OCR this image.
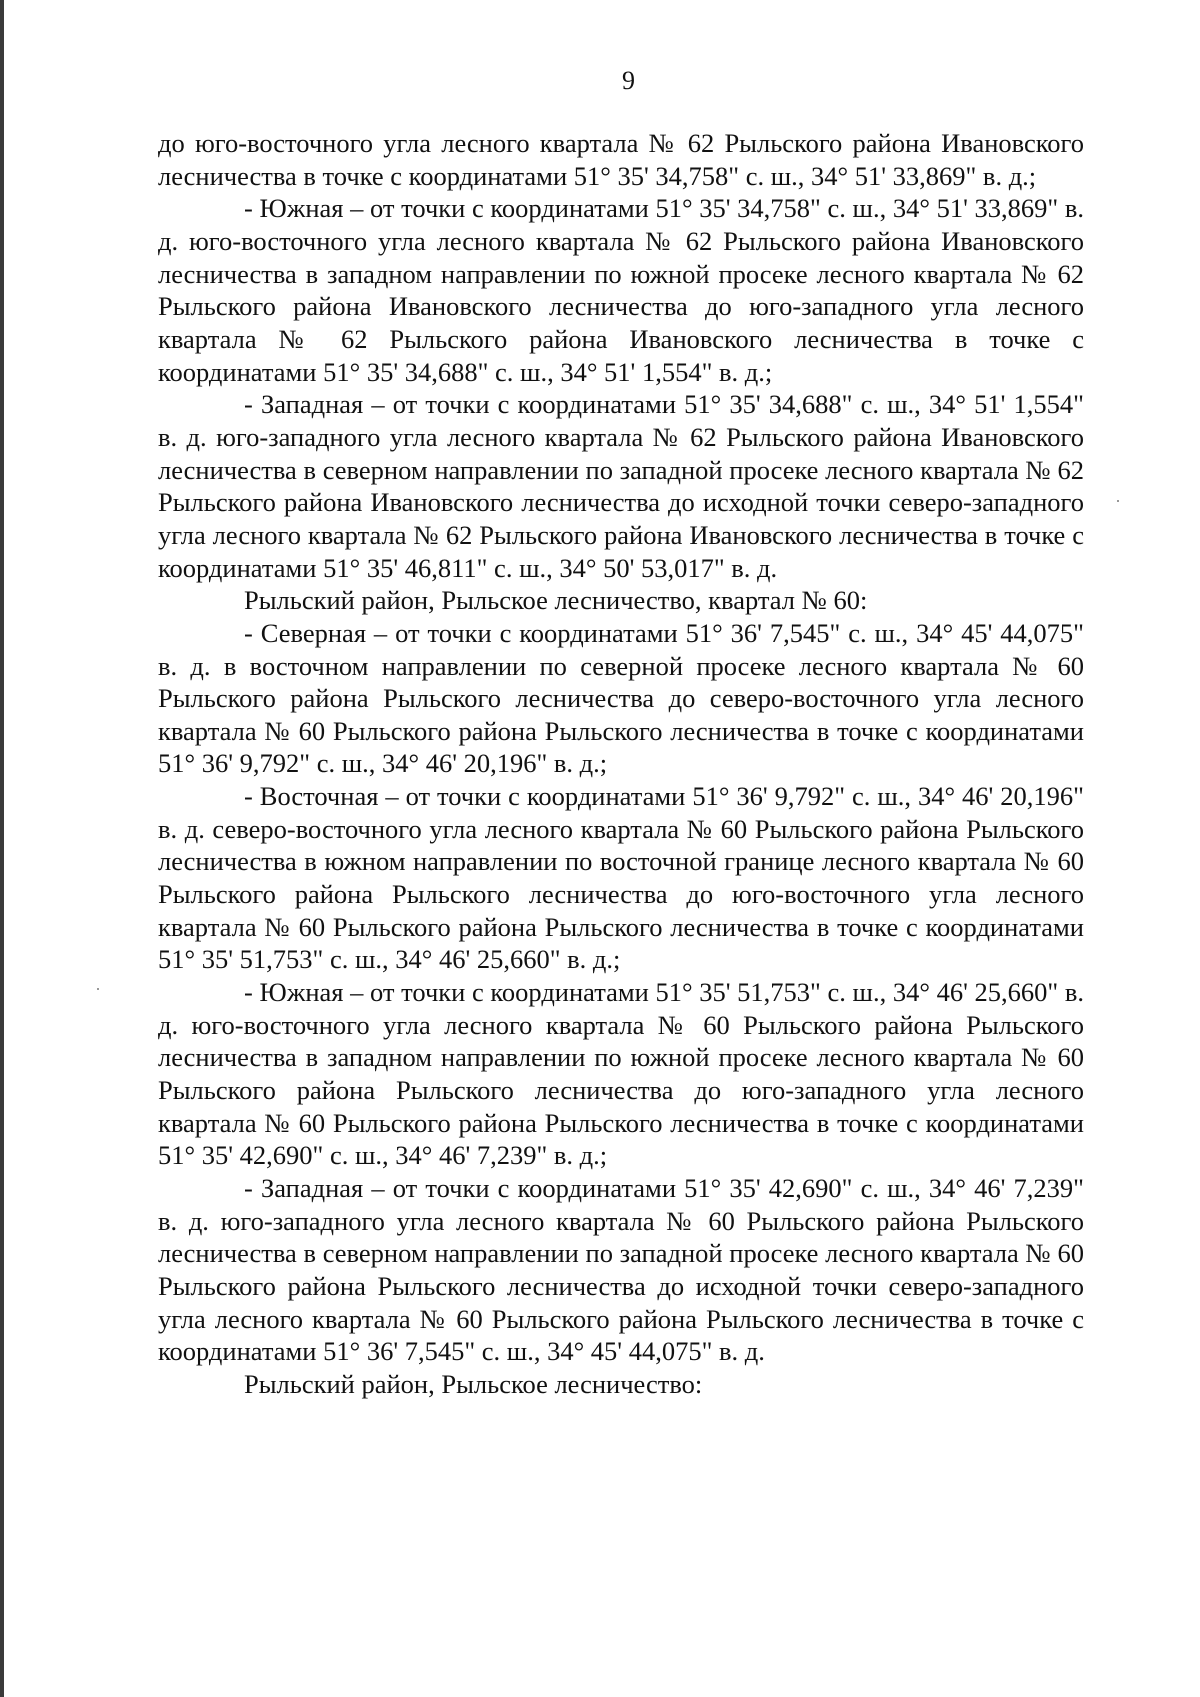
9

до юго-восточного угла лесного квартала № 62 Рыльского района Ивановского лесничества в точке с координатами 51° 35' 34,758" с. ш., 34° 51' 33,869" в. д.;

- Южная – от точки с координатами 51° 35' 34,758" с. ш., 34° 51' 33,869" в. д. юго-восточного угла лесного квартала № 62 Рыльского района Ивановского лесничества в западном направлении по южной просеке лесного квартала № 62 Рыльского района Ивановского лесничества до юго-западного угла лесного квартала № 62 Рыльского района Ивановского лесничества в точке с координатами 51° 35' 34,688" с. ш., 34° 51' 1,554" в. д.;

- Западная – от точки с координатами 51° 35' 34,688" с. ш., 34° 51' 1,554" в. д. юго-западного угла лесного квартала № 62 Рыльского района Ивановского лесничества в северном направлении по западной просеке лесного квартала № 62 Рыльского района Ивановского лесничества до исходной точки северо-западного угла лесного квартала № 62 Рыльского района Ивановского лесничества в точке с координатами 51° 35' 46,811" с. ш., 34° 50' 53,017" в. д.

Рыльский район, Рыльское лесничество, квартал № 60:

- Северная – от точки с координатами 51° 36' 7,545" с. ш., 34° 45' 44,075" в. д. в восточном направлении по северной просеке лесного квартала № 60 Рыльского района Рыльского лесничества до северо-восточного угла лесного квартала № 60 Рыльского района Рыльского лесничества в точке с координатами 51° 36' 9,792" с. ш., 34° 46' 20,196" в. д.;

- Восточная – от точки с координатами 51° 36' 9,792" с. ш., 34° 46' 20,196" в. д. северо-восточного угла лесного квартала № 60 Рыльского района Рыльского лесничества в южном направлении по восточной границе лесного квартала № 60 Рыльского района Рыльского лесничества до юго-восточного угла лесного квартала № 60 Рыльского района Рыльского лесничества в точке с координатами 51° 35' 51,753" с. ш., 34° 46' 25,660" в. д.;

- Южная – от точки с координатами 51° 35' 51,753" с. ш., 34° 46' 25,660" в. д. юго-восточного угла лесного квартала № 60 Рыльского района Рыльского лесничества в западном направлении по южной просеке лесного квартала № 60 Рыльского района Рыльского лесничества до юго-западного угла лесного квартала № 60 Рыльского района Рыльского лесничества в точке с координатами 51° 35' 42,690" с. ш., 34° 46' 7,239" в. д.;

- Западная – от точки с координатами 51° 35' 42,690" с. ш., 34° 46' 7,239" в. д. юго-западного угла лесного квартала № 60 Рыльского района Рыльского лесничества в северном направлении по западной просеке лесного квартала № 60 Рыльского района Рыльского лесничества до исходной точки северо-западного угла лесного квартала № 60 Рыльского района Рыльского лесничества в точке с координатами 51° 36' 7,545" с. ш., 34° 45' 44,075" в. д.

Рыльский район, Рыльское лесничество:
